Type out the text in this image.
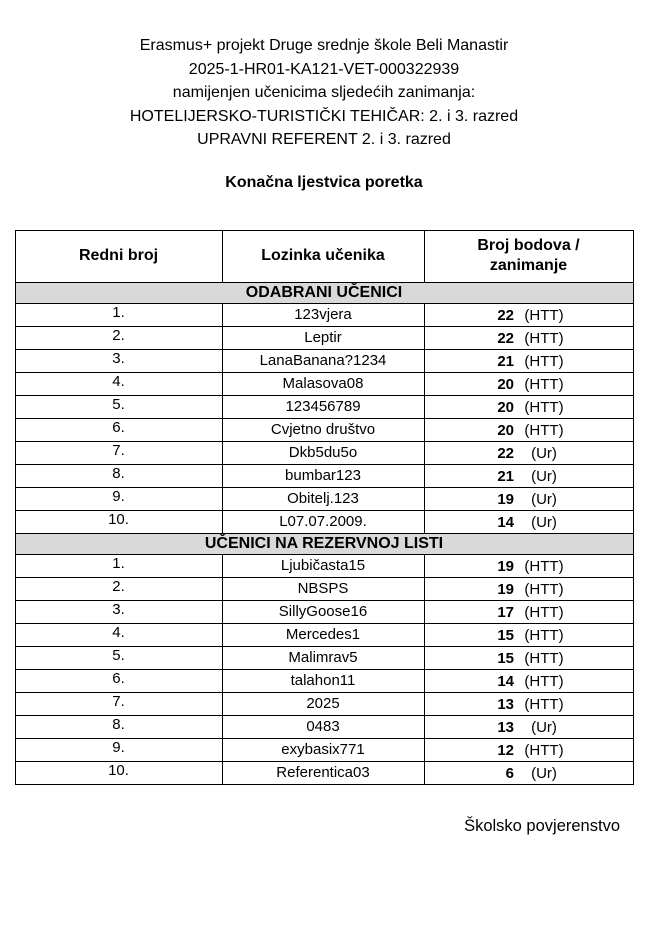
Erasmus+ projekt Druge srednje škole Beli Manastir
2025-1-HR01-KA121-VET-000322939
namijenjen učenicima sljedećih zanimanja:
HOTELIJERSKO-TURISTIČKI TEHIČAR: 2. i 3. razred
UPRAVNI REFERENT 2. i 3. razred
Konačna ljestvica poretka
Redni broj	Lozinka učenika	Broj bodova /
zanimanje

ODABRANI UČENICI		
1.	123vjera	22 (HTT)

2.	Leptir	22 (HTT)

3.	LanaBanana?1234	21 (HTT)

4.	Malasova08	20 (HTT)

5.	123456789	20 (HTT)

6.	Cvjetno društvo	20 (HTT)

7.	Dkb5du5o	22 (Ur)

8.	bumbar123	21 (Ur)

9.	Obitelj.123	19 (Ur)

10.	L07.07.2009.	14 (Ur)

UČENICI NA REZERVNOJ LISTI		
1.	Ljubičasta15	19 (HTT)

2.	NBSPS	19 (HTT)

3.	SillyGoose16	17 (HTT)

4.	Mercedes1	15 (HTT)

5.	Malimrav5	15 (HTT)

6.	talahon11	14 (HTT)

7.	2025	13 (HTT)

8.	0483	13 (Ur)

9.	exybasix771	12 (HTT)

10.	Referentica03	6 (Ur)
Školsko povjerenstvo
